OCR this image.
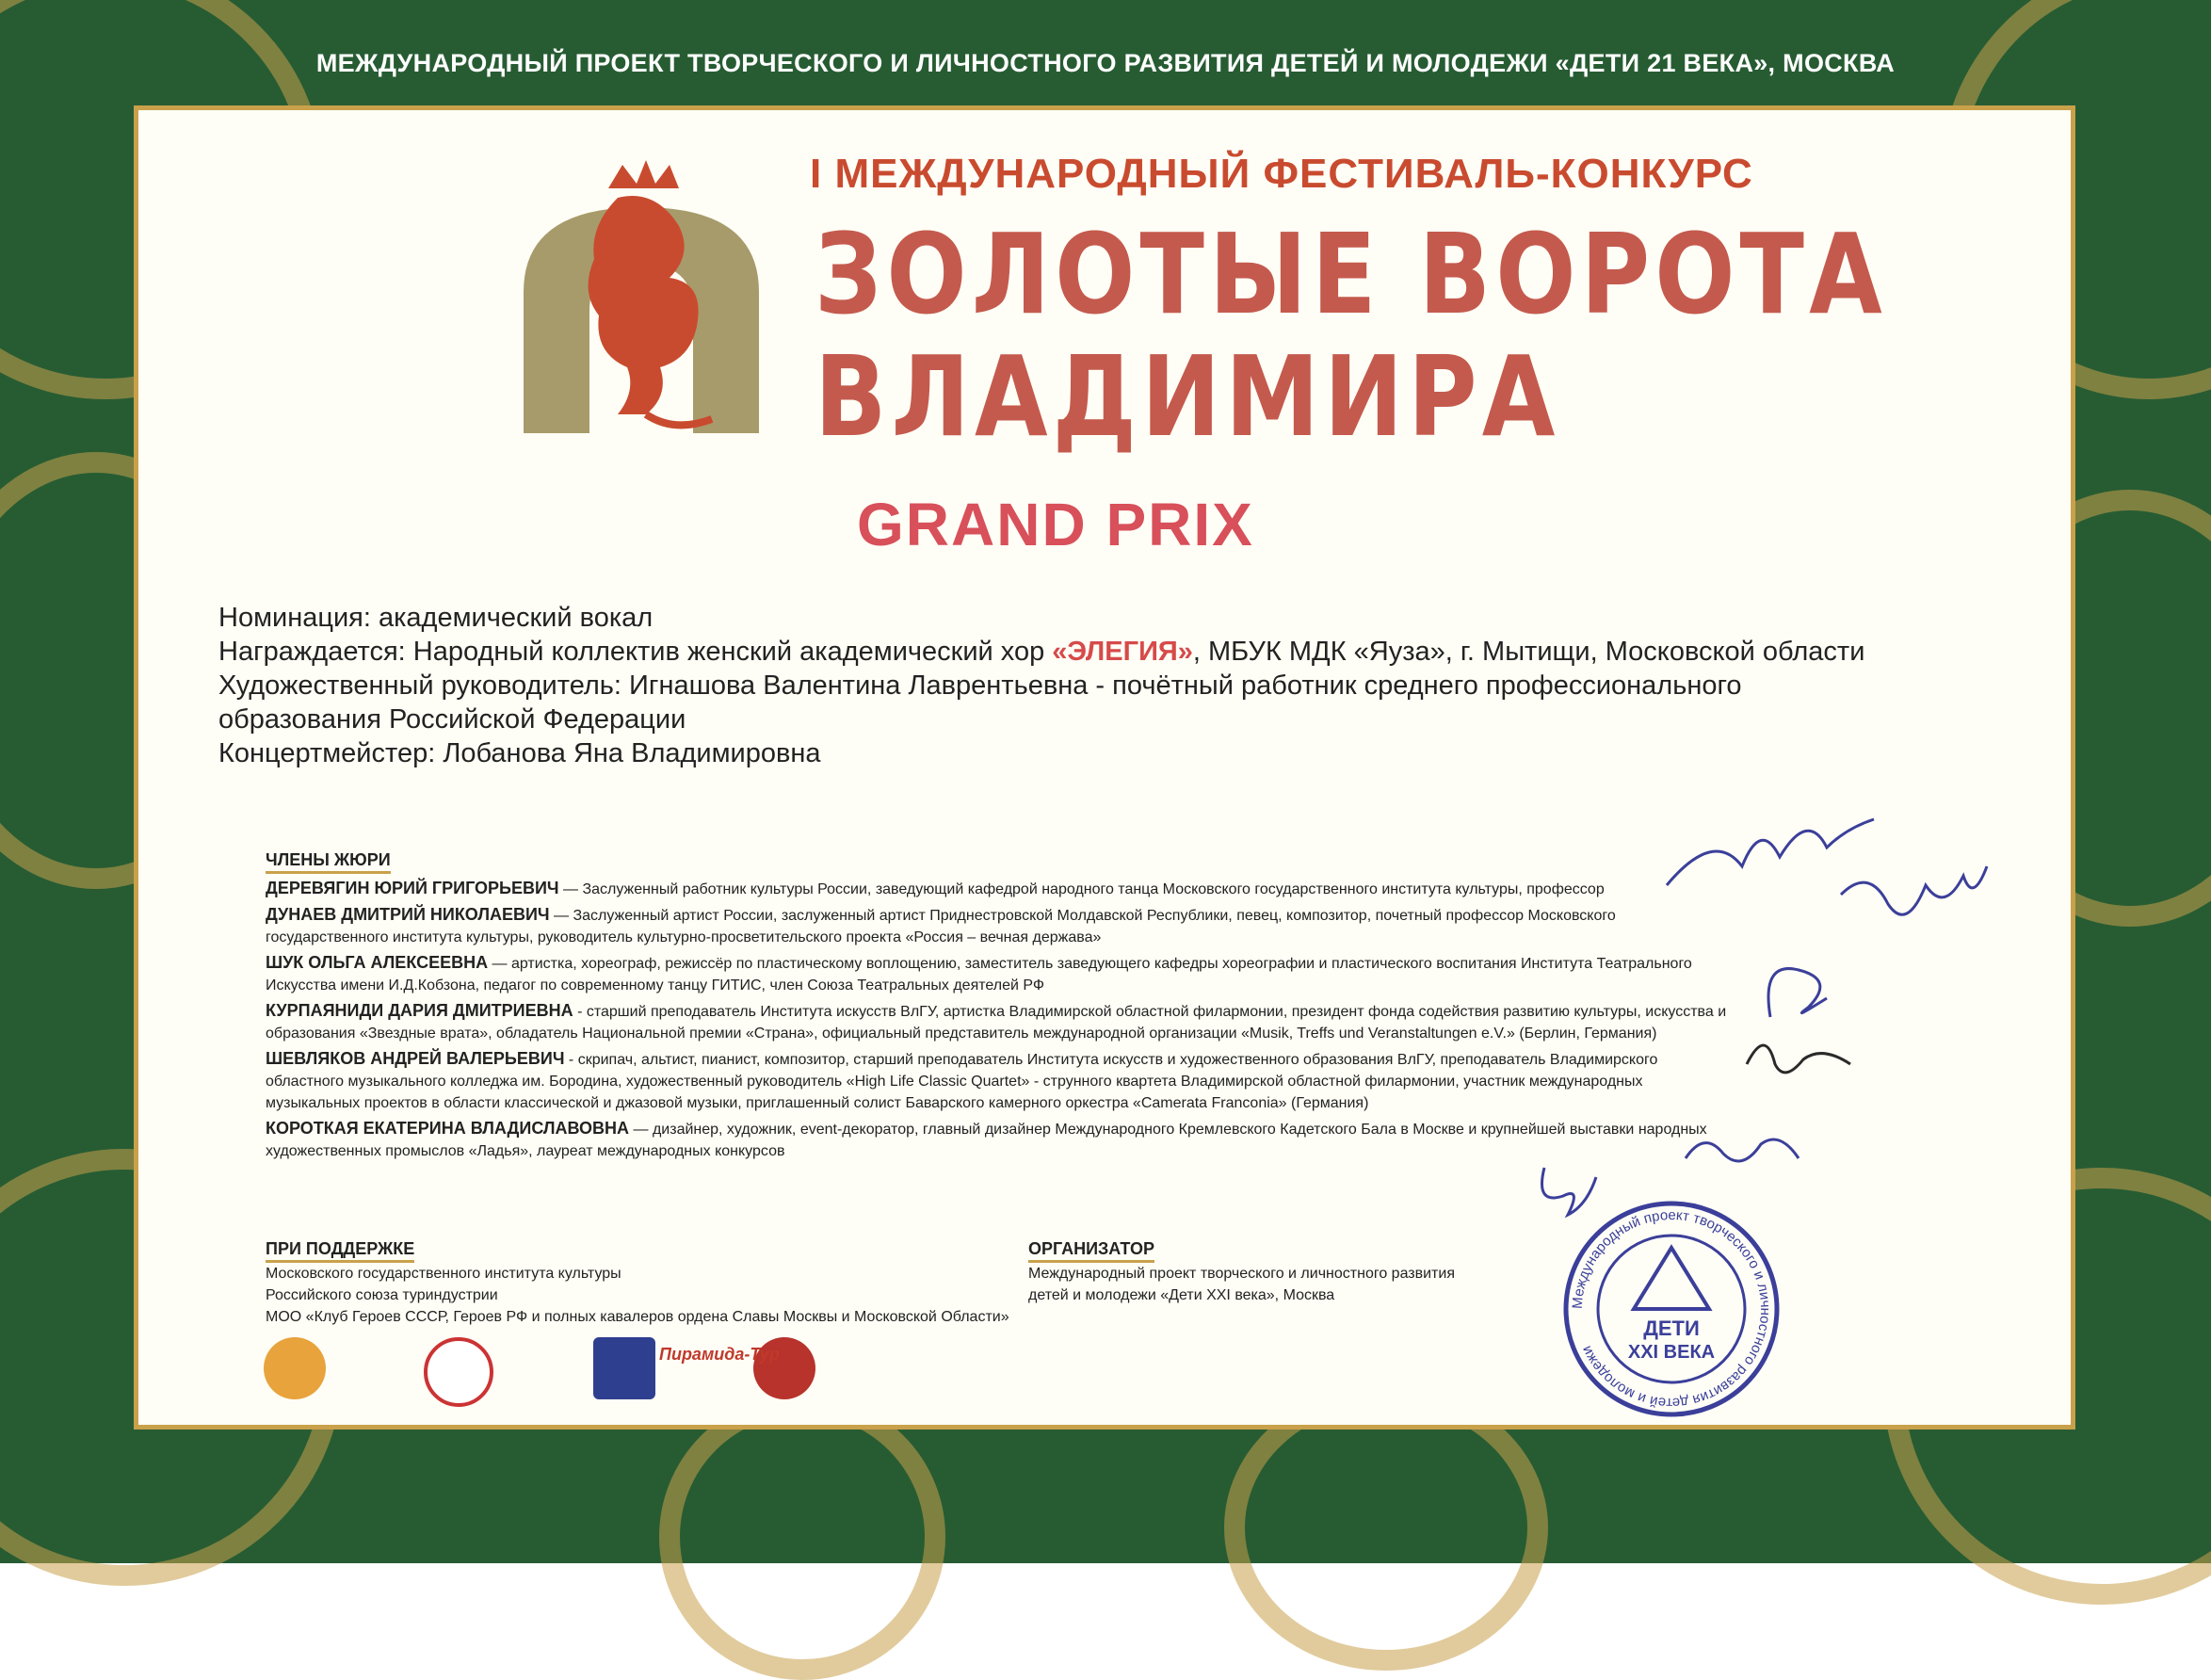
МЕЖДУНАРОДНЫЙ ПРОЕКТ ТВОРЧЕСКОГО И ЛИЧНОСТНОГО РАЗВИТИЯ ДЕТЕЙ И МОЛОДЕЖИ «ДЕТИ 21 ВЕКА», МОСКВА
I МЕЖДУНАРОДНЫЙ ФЕСТИВАЛЬ-КОНКУРС
ЗОЛОТЫЕ ВОРОТА
ВЛАДИМИРА
GRAND PRIX

Номинация: академический вокал

Награждается: Народный коллектив женский академический хор «ЭЛЕГИЯ», МБУК МДК «Яуза», г. Мытищи, Московской области

Художественный руководитель: Игнашова Валентина Лаврентьевна - почётный работник среднего профессионального

образования Российской Федерации

Концертмейстер: Лобанова Яна Владимировна

ЧЛЕНЫ ЖЮРИ

ДЕРЕВЯГИН ЮРИЙ ГРИГОРЬЕВИЧ — Заслуженный работник культуры России, заведующий кафедрой народного танца Московского государственного института культуры, профессор

ДУНАЕВ ДМИТРИЙ НИКОЛАЕВИЧ — Заслуженный артист России, заслуженный артист Приднестровской Молдавской Республики, певец, композитор, почетный профессор Московского государственного института культуры, руководитель культурно-просветительского проекта «Россия – вечная держава»

ШУК ОЛЬГА АЛЕКСЕЕВНА — артистка, хореограф, режиссёр по пластическому воплощению, заместитель заведующего кафедры хореографии и пластического воспитания Института Театрального Искусства имени И.Д.Кобзона, педагог по современному танцу ГИТИС, член Союза Театральных деятелей РФ

КУРПАЯНИДИ ДАРИЯ ДМИТРИЕВНА - старший преподаватель Института искусств ВлГУ, артистка Владимирской областной филармонии, президент фонда содействия развитию культуры, искусства и образования «Звездные врата», обладатель Национальной премии «Страна», официальный представитель международной организации «Musik, Treffs und Veranstaltungen e.V.» (Берлин, Германия)

ШЕВЛЯКОВ АНДРЕЙ ВАЛЕРЬЕВИЧ - скрипач, альтист, пианист, композитор, старший преподаватель Института искусств и художественного образования ВлГУ, преподаватель Владимирского областного музыкального колледжа им. Бородина, художественный руководитель «High Life Classic Quartet» - струнного квартета Владимирской областной филармонии, участник международных музыкальных проектов в области классической и джазовой музыки, приглашенный солист Баварского камерного оркестра «Camerata Franconia» (Германия)

КОРОТКАЯ ЕКАТЕРИНА ВЛАДИСЛАВОВНА — дизайнер, художник, event-декоратор, главный дизайнер Международного Кремлевского Кадетского Бала в Москве и крупнейшей выставки народных художественных промыслов «Ладья», лауреат международных конкурсов

ПРИ ПОДДЕРЖКЕ
Московского государственного института культуры
Российского союза туриндустрии
МОО «Клуб Героев СССР, Героев РФ и полных кавалеров ордена Славы Москвы и Московской Области»
ОРГАНИЗАТОР
Международный проект творческого и личностного развития
детей и молодежи «Дети XXI века», Москва
Пирамида-Тур
Международный проект творческого и личностного развития детей и молодежи
ДЕТИ
XXI ВЕКА
